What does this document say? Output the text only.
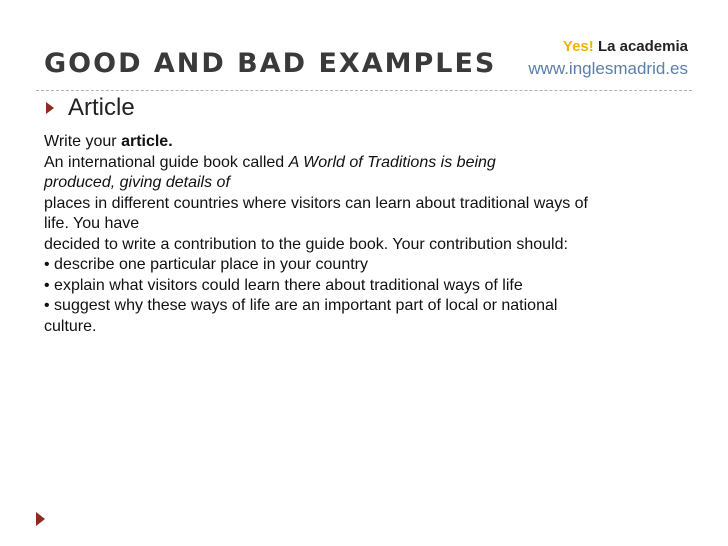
GOOD AND BAD EXAMPLES
Yes! La academia
www.inglesmadrid.es
Article
Write your article.
An international guide book called A World of Traditions is being
produced, giving details of
places in different countries where visitors can learn about traditional ways of
life. You have
decided to write a contribution to the guide book. Your contribution should:
• describe one particular place in your country
• explain what visitors could learn there about traditional ways of life
• suggest why these ways of life are an important part of local or national
culture.
